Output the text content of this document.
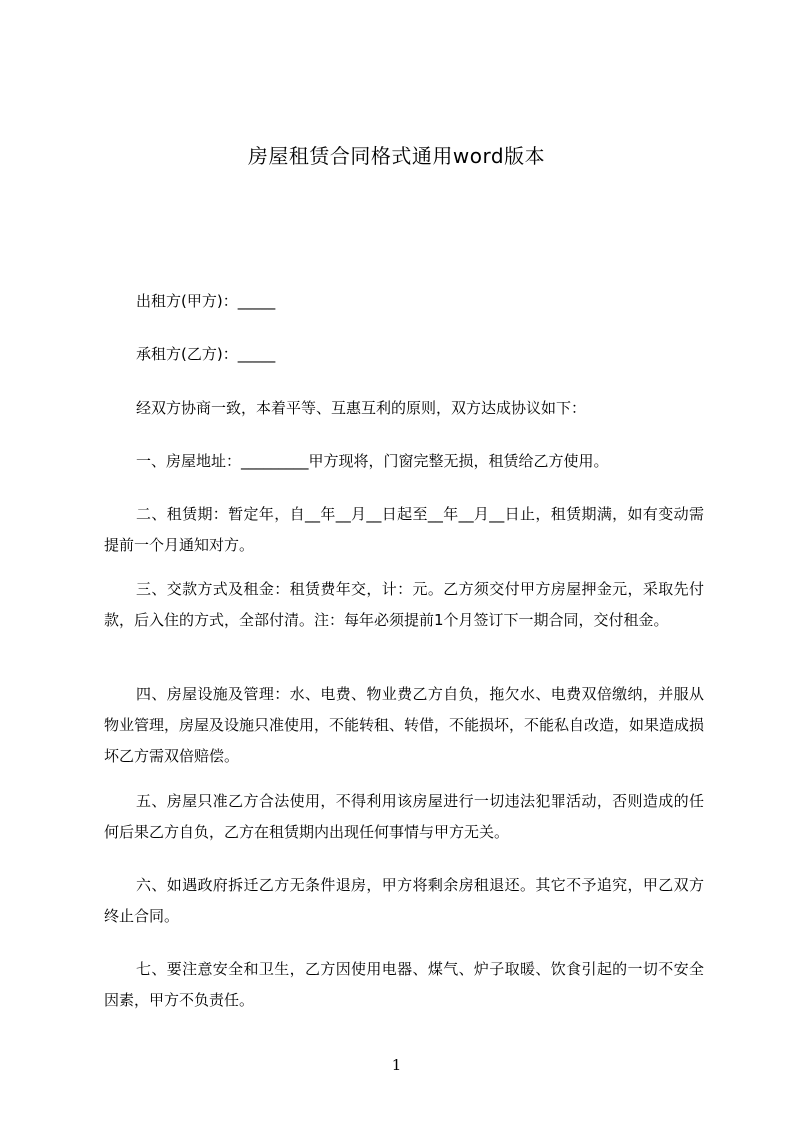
房屋租赁合同格式通用word版本

出租方(甲方)：_____

承租方(乙方)：_____

经双方协商一致，本着平等、互惠互利的原则，双方达成协议如下：

一、房屋地址：_________甲方现将，门窗完整无损，租赁给乙方使用。

二、租赁期：暂定年，自__年__月__日起至__年__月__日止，租赁期满，如有变动需提前一个月通知对方。

三、交款方式及租金：租赁费年交，计：元。乙方须交付甲方房屋押金元，采取先付款，后入住的方式，全部付清。注：每年必须提前1个月签订下一期合同，交付租金。

四、房屋设施及管理：水、电费、物业费乙方自负，拖欠水、电费双倍缴纳，并服从物业管理，房屋及设施只准使用，不能转租、转借，不能损坏，不能私自改造，如果造成损坏乙方需双倍赔偿。

五、房屋只准乙方合法使用，不得利用该房屋进行一切违法犯罪活动，否则造成的任何后果乙方自负，乙方在租赁期内出现任何事情与甲方无关。

六、如遇政府拆迁乙方无条件退房，甲方将剩余房租退还。其它不予追究，甲乙双方终止合同。

七、要注意安全和卫生，乙方因使用电器、煤气、炉子取暖、饮食引起的一切不安全因素，甲方不负责任。

1
